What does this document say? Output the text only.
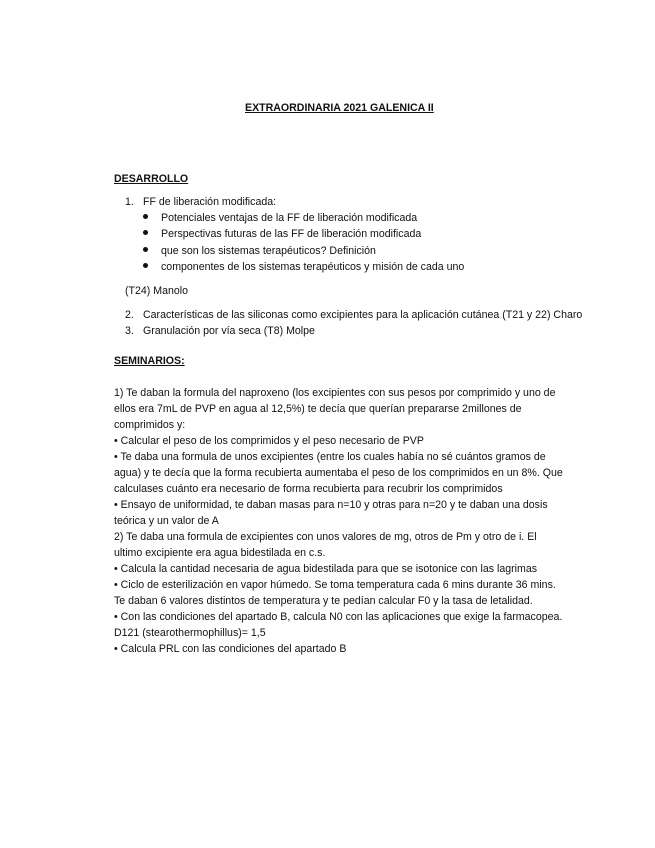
EXTRAORDINARIA 2021 GALENICA II
DESARROLLO
1. FF de liberación modificada:
Potenciales ventajas de la FF de liberación modificada
Perspectivas futuras de las FF de liberación modificada
que son los sistemas terapéuticos? Definición
componentes de los sistemas terapéuticos y misión de cada uno
(T24) Manolo
2. Características de las siliconas como excipientes para la aplicación cutánea (T21 y 22) Charo
3. Granulación por vía seca (T8) Molpe
SEMINARIOS:
1) Te daban la formula del naproxeno (los excipientes con sus pesos por comprimido y uno de
ellos era 7mL de PVP en agua al 12,5%) te decía que querían prepararse 2millones de
comprimidos y:
• Calcular el peso de los comprimidos y el peso necesario de PVP
• Te daba una formula de unos excipientes (entre los cuales había no sé cuántos gramos de
agua) y te decía que la forma recubierta aumentaba el peso de los comprimidos en un 8%. Que
calculases cuánto era necesario de forma recubierta para recubrir los comprimidos
• Ensayo de uniformidad, te daban masas para n=10 y otras para n=20 y te daban una dosis
teórica y un valor de A
2) Te daba una formula de excipientes con unos valores de mg, otros de Pm y otro de i. El
ultimo excipiente era agua bidestilada en c.s.
• Calcula la cantidad necesaria de agua bidestilada para que se isotonice con las lagrimas
• Ciclo de esterilización en vapor húmedo. Se toma temperatura cada 6 mins durante 36 mins.
Te daban 6 valores distintos de temperatura y te pedían calcular F0 y la tasa de letalidad.
• Con las condiciones del apartado B, calcula N0 con las aplicaciones que exige la farmacopea.
D121 (stearothermophillus)= 1,5
• Calcula PRL con las condiciones del apartado B
